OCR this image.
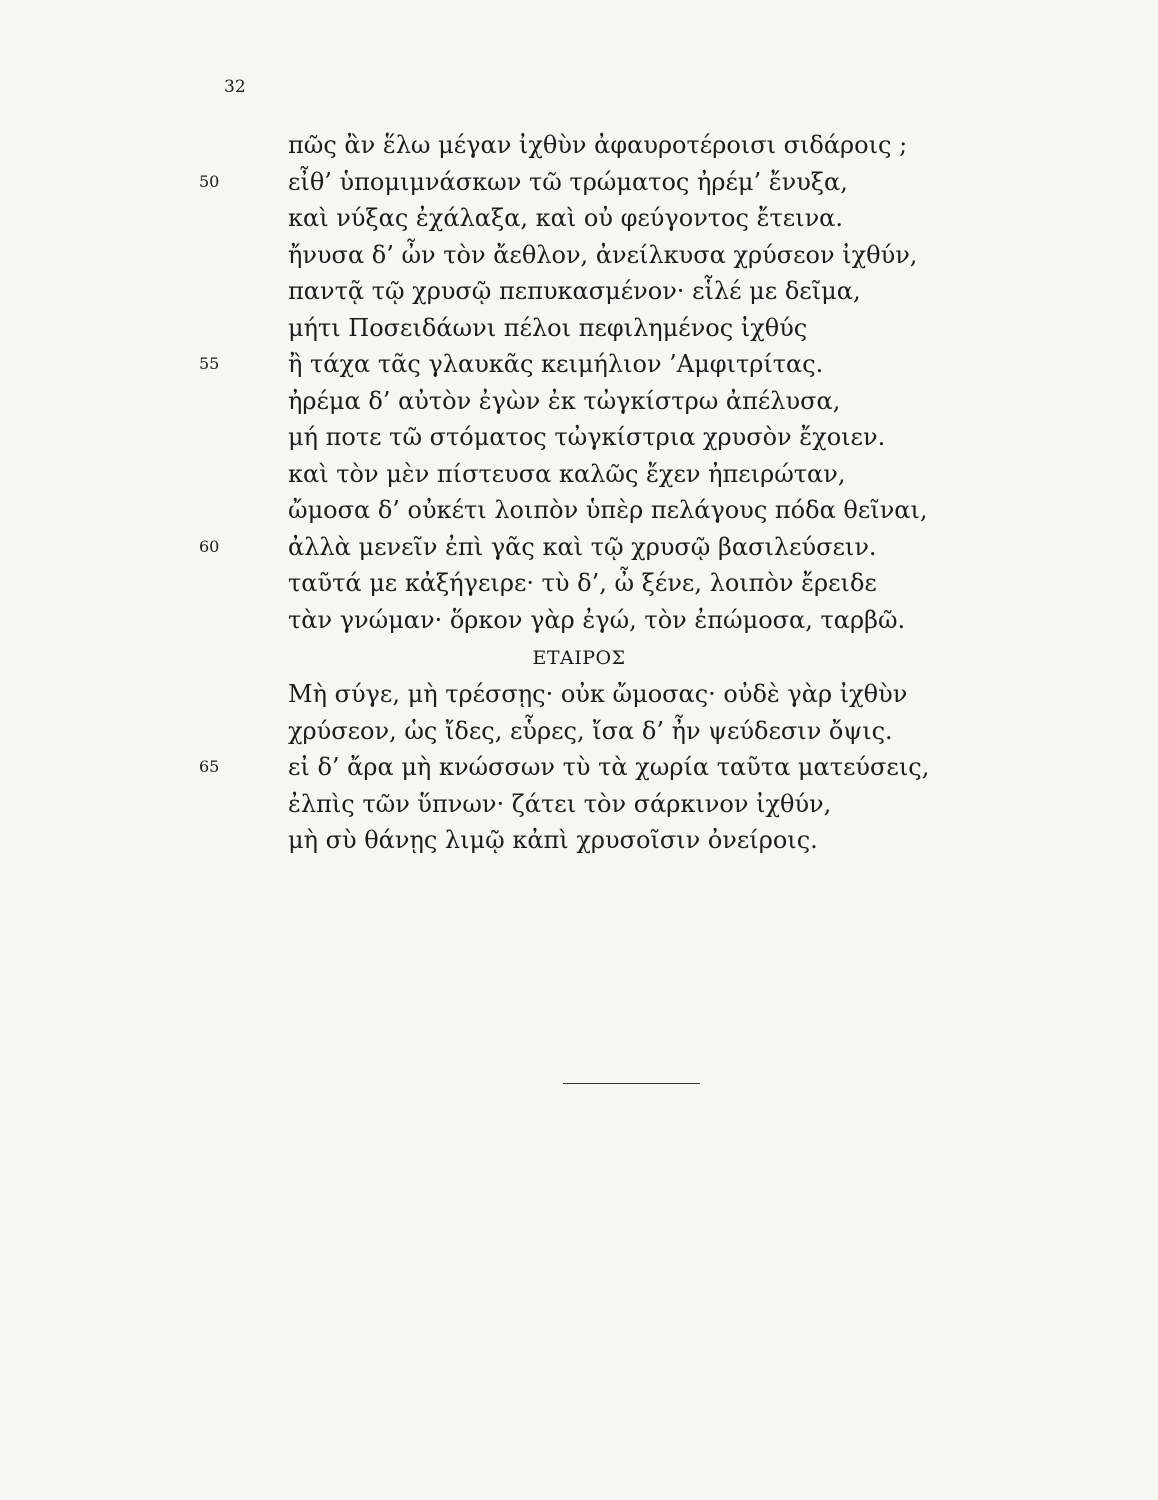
32
πῶς ἂν ἕλω μέγαν ἰχθὺν ἀφαυροτέροισι σιδάροις ;
50	εἶθ’ ὑπομιμνάσκων τῶ τρώματος ἠρέμ’ ἔνυξα,
καὶ νύξας ἐχάλαξα, καὶ οὐ φεύγοντος ἔτεινα.
ἤνυσα δ’ ὦν τὸν ἄεθλον, ἀνείλκυσα χρύσεον ἰχθύν,
παντᾷ τῷ χρυσῷ πεπυκασμένον· εἷλέ με δεῖμα,
μήτι Ποσειδάωνι πέλοι πεφιλημένος ἰχθύς
55	ἢ τάχα τᾶς γλαυκᾶς κειμήλιον ’Αμφιτρίτας.
ἠρέμα δ’ αὐτὸν ἐγὼν ἐκ τὠγκίστρω ἀπέλυσα,
μή ποτε τῶ στόματος τὠγκίστρια χρυσὸν ἔχοιεν.
καὶ τὸν μὲν πίστευσα καλῶς ἔχεν ἠπειρώταν,
ὤμοσα δ’ οὐκέτι λοιπὸν ὑπὲρ πελάγους πόδα θεῖναι,
60	ἀλλὰ μενεῖν ἐπὶ γᾶς καὶ τῷ χρυσῷ βασιλεύσειν.
ταῦτά με κἀξήγειρε· τὺ δ’, ὦ ξένε, λοιπὸν ἔρειδε
τὰν γνώμαν· ὅρκον γὰρ ἐγώ, τὸν ἐπώμοσα, ταρβῶ.
ΕΤΑΙΡΟΣ
Μὴ σύγε, μὴ τρέσσῃς· οὐκ ὤμοσας· οὐδὲ γὰρ ἰχθὺν
χρύσεον, ὡς ἴδες, εὗρες, ἴσα δ’ ἦν ψεύδεσιν ὄψις.
65	εἰ δ’ ἄρα μὴ κνώσσων τὺ τὰ χωρία ταῦτα ματεύσεις,
ἐλπὶς τῶν ὕπνων· ζάτει τὸν σάρκινον ἰχθύν,
μὴ σὺ θάνῃς λιμῷ κἀπὶ χρυσοῖσιν ὀνείροις.
